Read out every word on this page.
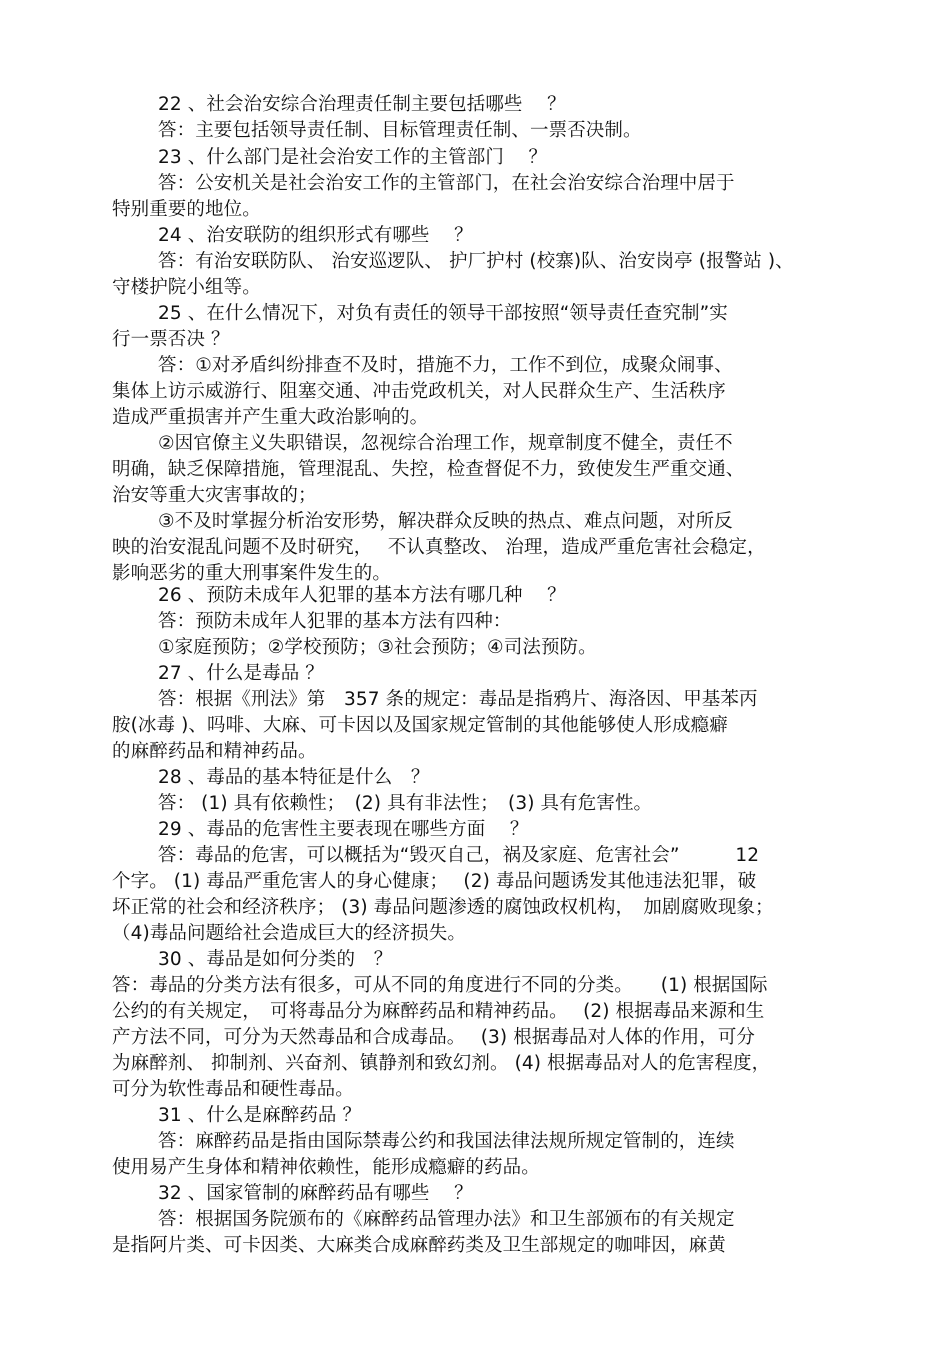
22 、社会治安综合治理责任制主要包括哪些　 ？
答：主要包括领导责任制、目标管理责任制、一票否决制。
23 、什么部门是社会治安工作的主管部门　 ？
答：公安机关是社会治安工作的主管部门，在社会治安综合治理中居于
特别重要的地位。
24 、治安联防的组织形式有哪些　 ？
答：有治安联防队、 治安巡逻队、 护厂护村 (校寨)队、治安岗亭 (报警站 )、
守楼护院小组等。
25 、在什么情况下，对负有责任的领导干部按照“领导责任查究制”实
行一票否决 ？
答：①对矛盾纠纷排查不及时，措施不力，工作不到位，成聚众闹事、
集体上访示威游行、阻塞交通、冲击党政机关，对人民群众生产、生活秩序
造成严重损害并产生重大政治影响的。
②因官僚主义失职错误，忽视综合治理工作，规章制度不健全，责任不
明确，缺乏保障措施，管理混乱、失控，检查督促不力，致使发生严重交通、
治安等重大灾害事故的；
③不及时掌握分析治安形势，解决群众反映的热点、难点问题，对所反
映的治安混乱问题不及时研究，　 不认真整改、 治理，造成严重危害社会稳定，
影响恶劣的重大刑事案件发生的。
26 、预防未成年人犯罪的基本方法有哪几种　 ？
答：预防未成年人犯罪的基本方法有四种：
①家庭预防；②学校预防；③社会预防；④司法预防。
27 、什么是毒品 ？
答：根据《刑法》第　357 条的规定：毒品是指鸦片、海洛因、甲基苯丙
胺(冰毒 )、吗啡、大麻、可卡因以及国家规定管制的其他能够使人形成瘾癖
的麻醉药品和精神药品。
28 、毒品的基本特征是什么　？
答： (1) 具有依赖性；　(2) 具有非法性；　(3) 具有危害性。
29 、毒品的危害性主要表现在哪些方面　 ？
答：毒品的危害，可以概括为“毁灭自己，祸及家庭、危害社会”　　　12
个字。 (1) 毒品严重危害人的身心健康；　 (2) 毒品问题诱发其他违法犯罪，破
坏正常的社会和经济秩序； (3) 毒品问题渗透的腐蚀政权机构，　加剧腐败现象；
（4)毒品问题给社会造成巨大的经济损失。
30 、毒品是如何分类的　？
答：毒品的分类方法有很多，可从不同的角度进行不同的分类。　　(1) 根据国际
公约的有关规定，　可将毒品分为麻醉药品和精神药品。　 (2) 根据毒品来源和生
产方法不同，可分为天然毒品和合成毒品。　 (3) 根据毒品对人体的作用，可分
为麻醉剂、 抑制剂、兴奋剂、镇静剂和致幻剂。 (4) 根据毒品对人的危害程度，
可分为软性毒品和硬性毒品。
31 、什么是麻醉药品 ？
答：麻醉药品是指由国际禁毒公约和我国法律法规所规定管制的，连续
使用易产生身体和精神依赖性，能形成瘾癖的药品。
32 、国家管制的麻醉药品有哪些　 ？
答：根据国务院颁布的《麻醉药品管理办法》和卫生部颁布的有关规定
是指阿片类、可卡因类、大麻类合成麻醉药类及卫生部规定的咖啡因，麻黄
